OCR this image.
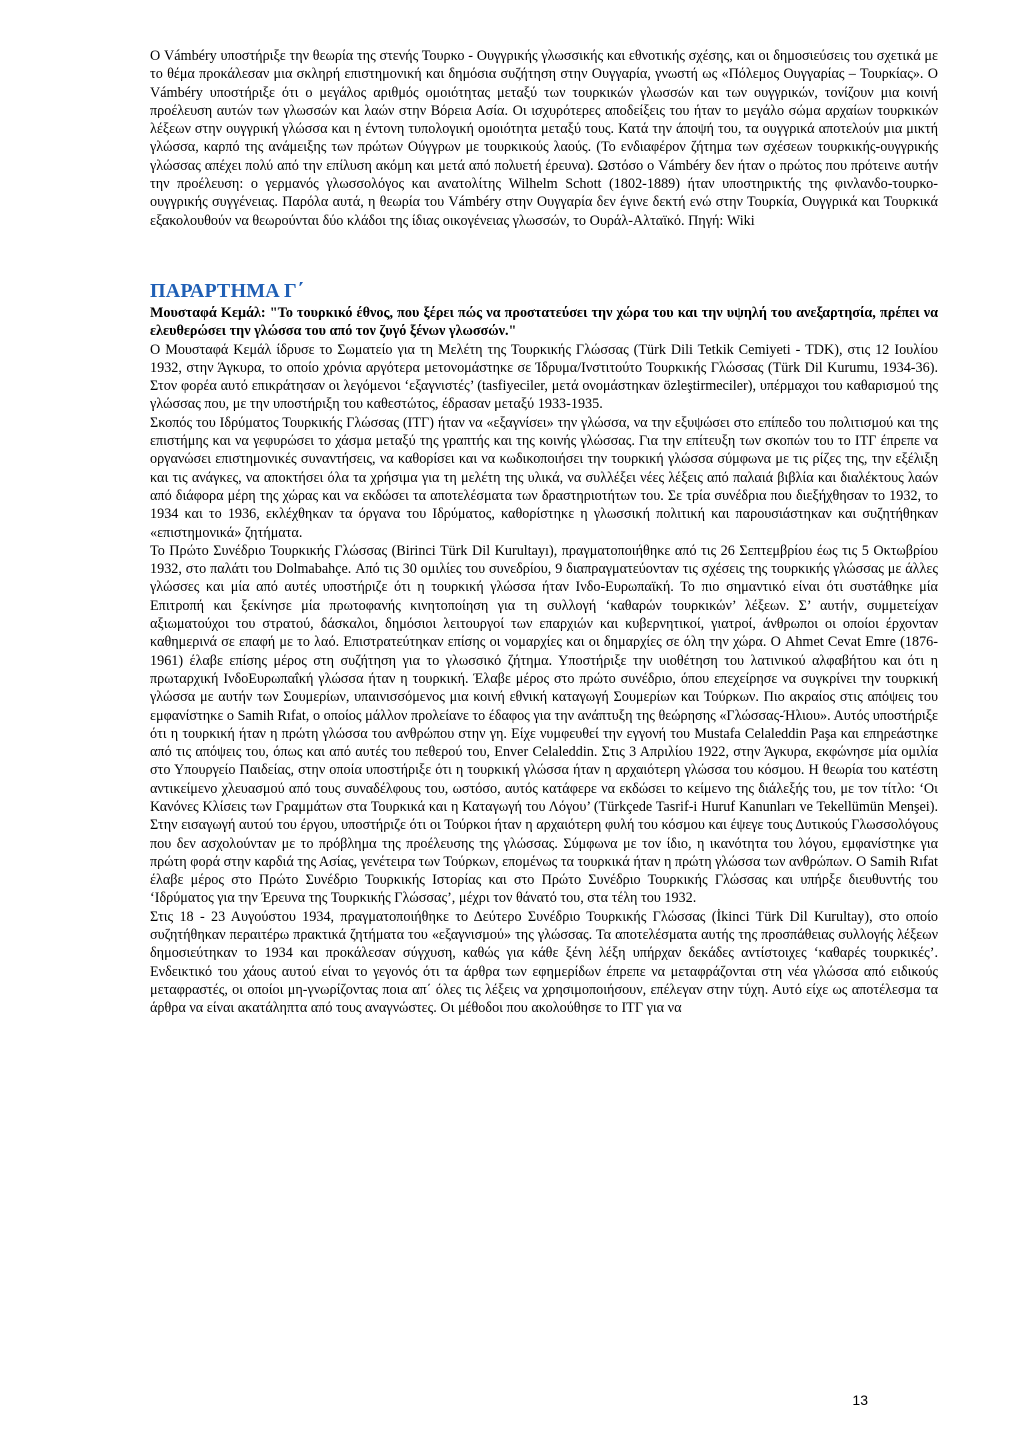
Ο Vámbéry υποστήριξε την θεωρία της στενής Τουρκο - Ουγγρικής γλωσσικής και εθνοτικής σχέσης, και οι δημοσιεύσεις του σχετικά με το θέμα προκάλεσαν μια σκληρή επιστημονική και δημόσια συζήτηση στην Ουγγαρία, γνωστή ως «Πόλεμος Ουγγαρίας – Τουρκίας». Ο Vámbéry υποστήριξε ότι ο μεγάλος αριθμός ομοιότητας μεταξύ των τουρκικών γλωσσών και των ουγγρικών, τονίζουν μια κοινή προέλευση αυτών των γλωσσών και λαών στην Βόρεια Ασία. Οι ισχυρότερες αποδείξεις του ήταν το μεγάλο σώμα αρχαίων τουρκικών λέξεων στην ουγγρική γλώσσα και η έντονη τυπολογική ομοιότητα μεταξύ τους. Κατά την άποψή του, τα ουγγρικά αποτελούν μια μικτή γλώσσα, καρπό της ανάμειξης των πρώτων Ούγγρων με τουρκικούς λαούς. (Το ενδιαφέρον ζήτημα των σχέσεων τουρκικής-ουγγρικής γλώσσας απέχει πολύ από την επίλυση ακόμη και μετά από πολυετή έρευνα). Ωστόσο ο Vámbéry δεν ήταν ο πρώτος που πρότεινε αυτήν την προέλευση: ο γερμανός γλωσσολόγος και ανατολίτης Wilhelm Schott (1802-1889) ήταν υποστηρικτής της φινλανδο-τουρκο-ουγγρικής συγγένειας. Παρόλα αυτά, η θεωρία του Vámbéry στην Ουγγαρία δεν έγινε δεκτή ενώ στην Τουρκία, Ουγγρικά και Τουρκικά εξακολουθούν να θεωρούνται δύο κλάδοι της ίδιας οικογένειας γλωσσών, το Ουράλ-Αλταϊκό. Πηγή: Wiki

ΠΑΡΑΡΤΗΜΑ Γ΄

Μουσταφά Κεμάλ: "Το τουρκικό έθνος, που ξέρει πώς να προστατεύσει την χώρα του και την υψηλή του ανεξαρτησία, πρέπει να ελευθερώσει την γλώσσα του από τον ζυγό ξένων γλωσσών."

Ο Μουσταφά Κεμάλ ίδρυσε το Σωματείο για τη Μελέτη της Τουρκικής Γλώσσας (Türk Dili Tetkik Cemiyeti - TDK), στις 12 Ιουλίου 1932, στην Άγκυρα, το οποίο χρόνια αργότερα μετονομάστηκε σε Ίδρυμα/Ινστιτούτο Τουρκικής Γλώσσας (Türk Dil Kurumu, 1934-36). Στον φορέα αυτό επικράτησαν οι λεγόμενοι ‘εξαγνιστές’ (tasfiyeciler, μετά ονομάστηκαν özleştirmeciler), υπέρμαχοι του καθαρισμού της γλώσσας που, με την υποστήριξη του καθεστώτος, έδρασαν μεταξύ 1933-1935.

Σκοπός του Ιδρύματος Τουρκικής Γλώσσας (ΙΤΓ) ήταν να «εξαγνίσει» την γλώσσα, να την εξυψώσει στο επίπεδο του πολιτισμού και της επιστήμης και να γεφυρώσει το χάσμα μεταξύ της γραπτής και της κοινής γλώσσας. Για την επίτευξη των σκοπών του το ΙΤΓ έπρεπε να οργανώσει επιστημονικές συναντήσεις, να καθορίσει και να κωδικοποιήσει την τουρκική γλώσσα σύμφωνα με τις ρίζες της, την εξέλιξη και τις ανάγκες, να αποκτήσει όλα τα χρήσιμα για τη μελέτη της υλικά, να συλλέξει νέες λέξεις από παλαιά βιβλία και διαλέκτους λαών από διάφορα μέρη της χώρας και να εκδώσει τα αποτελέσματα των δραστηριοτήτων του. Σε τρία συνέδρια που διεξήχθησαν το 1932, το 1934 και το 1936, εκλέχθηκαν τα όργανα του Ιδρύματος, καθορίστηκε η γλωσσική πολιτική και παρουσιάστηκαν και συζητήθηκαν «επιστημονικά» ζητήματα.

Το Πρώτο Συνέδριο Τουρκικής Γλώσσας (Birinci Türk Dil Kurultayı), πραγματοποιήθηκε από τις 26 Σεπτεμβρίου έως τις 5 Οκτωβρίου 1932, στο παλάτι του Dolmabahçe. Από τις 30 ομιλίες του συνεδρίου, 9 διαπραγματεύονταν τις σχέσεις της τουρκικής γλώσσας με άλλες γλώσσες και μία από αυτές υποστήριζε ότι η τουρκική γλώσσα ήταν Ινδο-Ευρωπαϊκή. Το πιο σημαντικό είναι ότι συστάθηκε μία Επιτροπή και ξεκίνησε μία πρωτοφανής κινητοποίηση για τη συλλογή ‘καθαρών τουρκικών’ λέξεων. Σ’ αυτήν, συμμετείχαν αξιωματούχοι του στρατού, δάσκαλοι, δημόσιοι λειτουργοί των επαρχιών και κυβερνητικοί, γιατροί, άνθρωποι οι οποίοι έρχονταν καθημερινά σε επαφή με το λαό. Επιστρατεύτηκαν επίσης οι νομαρχίες και οι δημαρχίες σε όλη την χώρα. Ο Ahmet Cevat Emre (1876-1961) έλαβε επίσης μέρος στη συζήτηση για το γλωσσικό ζήτημα. Υποστήριξε την υιοθέτηση του λατινικού αλφαβήτου και ότι η πρωταρχική ΙνδοΕυρωπαΐκή γλώσσα ήταν η τουρκική. Έλαβε μέρος στο πρώτο συνέδριο, όπου επεχείρησε να συγκρίνει την τουρκική γλώσσα με αυτήν των Σουμερίων, υπαινισσόμενος μια κοινή εθνική καταγωγή Σουμερίων και Τούρκων. Πιο ακραίος στις απόψεις του εμφανίστηκε ο Samih Rıfat, ο οποίος μάλλον προλείανε το έδαφος για την ανάπτυξη της θεώρησης «Γλώσσας-Ήλιου». Αυτός υποστήριξε ότι η τουρκική ήταν η πρώτη γλώσσα του ανθρώπου στην γη. Είχε νυμφευθεί την εγγονή του Mustafa Celaleddin Paşa και επηρεάστηκε από τις απόψεις του, όπως και από αυτές του πεθερού του, Enver Celaleddin. Στις 3 Απριλίου 1922, στην Άγκυρα, εκφώνησε μία ομιλία στο Υπουργείο Παιδείας, στην οποία υποστήριξε ότι η τουρκική γλώσσα ήταν η αρχαιότερη γλώσσα του κόσμου. Η θεωρία του κατέστη αντικείμενο χλευασμού από τους συναδέλφους του, ωστόσο, αυτός κατάφερε να εκδώσει το κείμενο της διάλεξής του, με τον τίτλο: ‘Οι Κανόνες Κλίσεις των Γραμμάτων στα Τουρκικά και η Καταγωγή του Λόγου’ (Türkçede Tasrif-i Huruf Kanunları ve Tekellümün Menşei). Στην εισαγωγή αυτού του έργου, υποστήριζε ότι οι Τούρκοι ήταν η αρχαιότερη φυλή του κόσμου και έψεγε τους Δυτικούς Γλωσσολόγους που δεν ασχολούνταν με το πρόβλημα της προέλευσης της γλώσσας. Σύμφωνα με τον ίδιο, η ικανότητα του λόγου, εμφανίστηκε για πρώτη φορά στην καρδιά της Ασίας, γενέτειρα των Τούρκων, επομένως τα τουρκικά ήταν η πρώτη γλώσσα των ανθρώπων. Ο Samih Rıfat έλαβε μέρος στο Πρώτο Συνέδριο Τουρκικής Ιστορίας και στο Πρώτο Συνέδριο Τουρκικής Γλώσσας και υπήρξε διευθυντής του ‘Ιδρύματος για την Έρευνα της Τουρκικής Γλώσσας’, μέχρι τον θάνατό του, στα τέλη του 1932.

Στις 18 - 23 Αυγούστου 1934, πραγματοποιήθηκε το Δεύτερο Συνέδριο Τουρκικής Γλώσσας (İkinci Türk Dil Kurultay), στο οποίο συζητήθηκαν περαιτέρω πρακτικά ζητήματα του «εξαγνισμού» της γλώσσας. Τα αποτελέσματα αυτής της προσπάθειας συλλογής λέξεων δημοσιεύτηκαν το 1934 και προκάλεσαν σύγχυση, καθώς για κάθε ξένη λέξη υπήρχαν δεκάδες αντίστοιχες ‘καθαρές τουρκικές’. Ενδεικτικό του χάους αυτού είναι το γεγονός ότι τα άρθρα των εφημερίδων έπρεπε να μεταφράζονται στη νέα γλώσσα από ειδικούς μεταφραστές, οι οποίοι μη-γνωρίζοντας ποια απ΄ όλες τις λέξεις να χρησιμοποιήσουν, επέλεγαν στην τύχη. Αυτό είχε ως αποτέλεσμα τα άρθρα να είναι ακατάληπτα από τους αναγνώστες. Οι μέθοδοι που ακολούθησε το ΙΤΓ για να

13
